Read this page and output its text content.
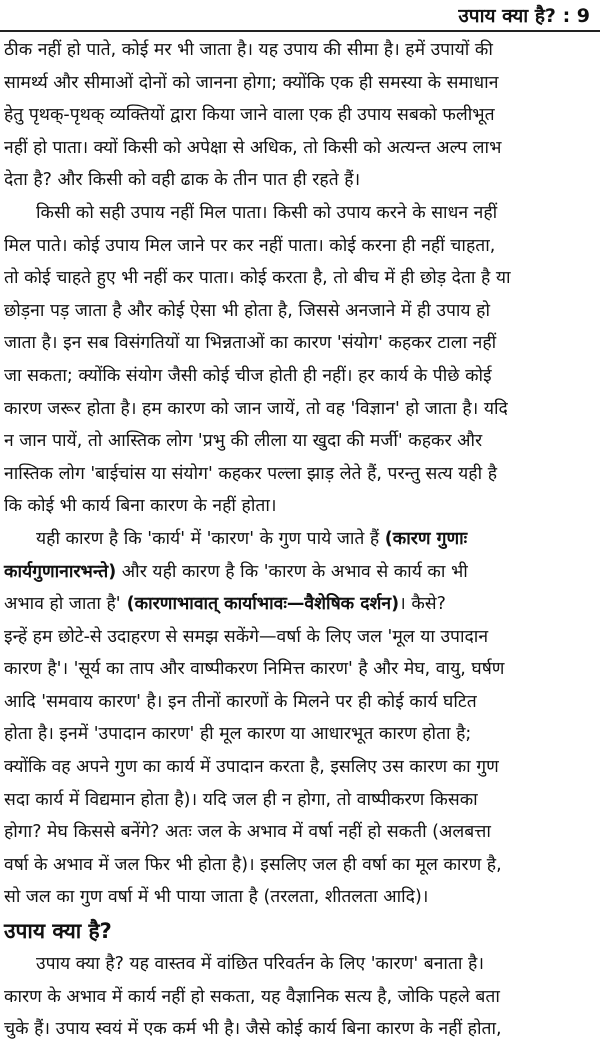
उपाय क्या है? : 9
ठीक नहीं हो पाते, कोई मर भी जाता है। यह उपाय की सीमा है। हमें उपायों की
सामर्थ्य और सीमाओं दोनों को जानना होगा; क्योंकि एक ही समस्या के समाधान
हेतु पृथक्-पृथक् व्यक्तियों द्वारा किया जाने वाला एक ही उपाय सबको फलीभूत
नहीं हो पाता। क्यों किसी को अपेक्षा से अधिक, तो किसी को अत्यन्त अल्प लाभ
देता है? और किसी को वही ढाक के तीन पात ही रहते हैं।
किसी को सही उपाय नहीं मिल पाता। किसी को उपाय करने के साधन नहीं
मिल पाते। कोई उपाय मिल जाने पर कर नहीं पाता। कोई करना ही नहीं चाहता,
तो कोई चाहते हुए भी नहीं कर पाता। कोई करता है, तो बीच में ही छोड़ देता है या
छोड़ना पड़ जाता है और कोई ऐसा भी होता है, जिससे अनजाने में ही उपाय हो
जाता है। इन सब विसंगतियों या भिन्नताओं का कारण 'संयोग' कहकर टाला नहीं
जा सकता; क्योंकि संयोग जैसी कोई चीज होती ही नहीं। हर कार्य के पीछे कोई
कारण जरूर होता है। हम कारण को जान जायें, तो वह 'विज्ञान' हो जाता है। यदि
न जान पायें, तो आस्तिक लोग 'प्रभु की लीला या खुदा की मर्जी' कहकर और
नास्तिक लोग 'बाईचांस या संयोग' कहकर पल्ला झाड़ लेते हैं, परन्तु सत्य यही है
कि कोई भी कार्य बिना कारण के नहीं होता।
यही कारण है कि 'कार्य' में 'कारण' के गुण पाये जाते हैं (कारण गुणाः
कार्यगुणानारभन्ते) और यही कारण है कि 'कारण के अभाव से कार्य का भी
अभाव हो जाता है' (कारणाभावात् कार्याभावः—वैशेषिक दर्शन)। कैसे?
इन्हें हम छोटे-से उदाहरण से समझ सकेंगे—वर्षा के लिए जल 'मूल या उपादान
कारण है'। 'सूर्य का ताप और वाष्पीकरण निमित्त कारण' है और मेघ, वायु, घर्षण
आदि 'समवाय कारण' है। इन तीनों कारणों के मिलने पर ही कोई कार्य घटित
होता है। इनमें 'उपादान कारण' ही मूल कारण या आधारभूत कारण होता है;
क्योंकि वह अपने गुण का कार्य में उपादान करता है, इसलिए उस कारण का गुण
सदा कार्य में विद्यमान होता है)। यदि जल ही न होगा, तो वाष्पीकरण किसका
होगा? मेघ किससे बनेंगे? अतः जल के अभाव में वर्षा नहीं हो सकती (अलबत्ता
वर्षा के अभाव में जल फिर भी होता है)। इसलिए जल ही वर्षा का मूल कारण है,
सो जल का गुण वर्षा में भी पाया जाता है (तरलता, शीतलता आदि)।
उपाय क्या है?
उपाय क्या है? यह वास्तव में वांछित परिवर्तन के लिए 'कारण' बनाता है।
कारण के अभाव में कार्य नहीं हो सकता, यह वैज्ञानिक सत्य है, जोकि पहले बता
चुके हैं। उपाय स्वयं में एक कर्म भी है। जैसे कोई कार्य बिना कारण के नहीं होता,
